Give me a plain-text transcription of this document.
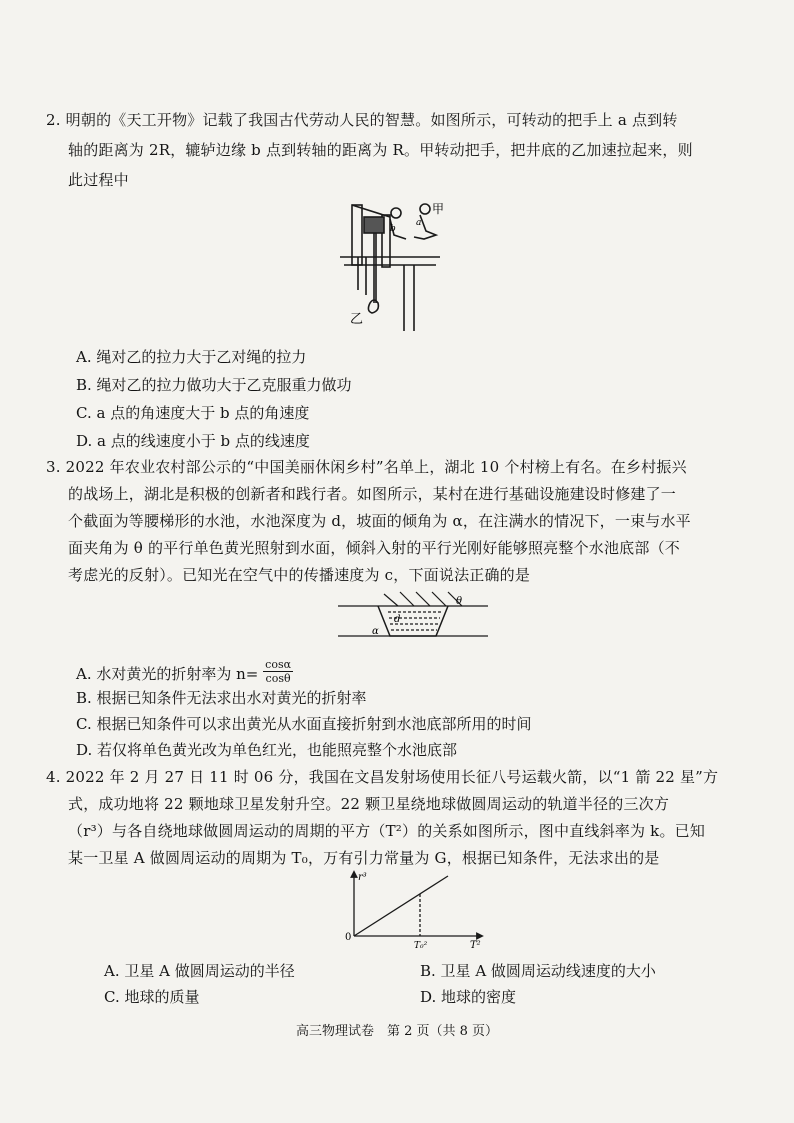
2. 明朝的《天工开物》记载了我国古代劳动人民的智慧。如图所示，可转动的把手上 a 点到转
轴的距离为 2R，辘轳边缘 b 点到转轴的距离为 R。甲转动把手，把井底的乙加速拉起来，则
此过程中
甲
乙
a
b
A. 绳对乙的拉力大于乙对绳的拉力
B. 绳对乙的拉力做功大于乙克服重力做功
C. a 点的角速度大于 b 点的角速度
D. a 点的线速度小于 b 点的线速度
3. 2022 年农业农村部公示的“中国美丽休闲乡村”名单上，湖北 10 个村榜上有名。在乡村振兴
的战场上，湖北是积极的创新者和践行者。如图所示，某村在进行基础设施建设时修建了一
个截面为等腰梯形的水池，水池深度为 d，坡面的倾角为 α，在注满水的情况下，一束与水平
面夹角为 θ 的平行单色黄光照射到水面，倾斜入射的平行光刚好能够照亮整个水池底部（不
考虑光的反射）。已知光在空气中的传播速度为 c，下面说法正确的是
θ
α
d
A. 水对黄光的折射率为 $n= \frac{\cos\alpha}{\cos\theta}$
B. 根据已知条件无法求出水对黄光的折射率
C. 根据已知条件可以求出黄光从水面直接折射到水池底部所用的时间
D. 若仅将单色黄光改为单色红光，也能照亮整个水池底部
4. 2022 年 2 月 27 日 11 时 06 分，我国在文昌发射场使用长征八号运载火箭，以“1 箭 22 星”方
式，成功地将 22 颗地球卫星发射升空。22 颗卫星绕地球做圆周运动的轨道半径的三次方
（r³）与各自绕地球做圆周运动的周期的平方（T²）的关系如图所示，图中直线斜率为 k。已知
某一卫星 A 做圆周运动的周期为 T₀，万有引力常量为 G，根据已知条件，无法求出的是
r³
T²
0
T₀²
A. 卫星 A 做圆周运动的半径	B. 卫星 A 做圆周运动线速度的大小
C. 地球的质量	D. 地球的密度
高三物理试卷　第 2 页（共 8 页）
